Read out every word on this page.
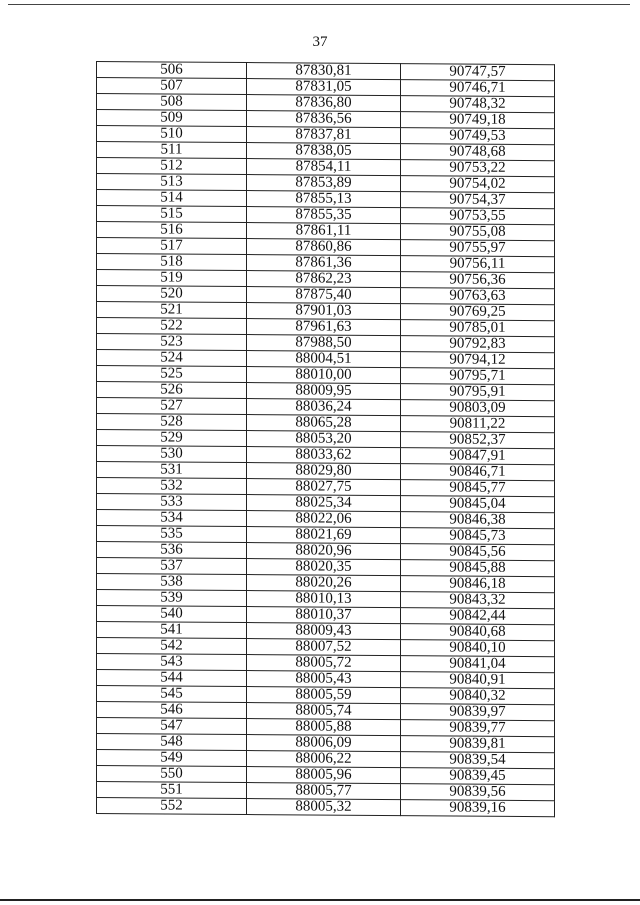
37
506	87830,81	90747,57
507	87831,05	90746,71
508	87836,80	90748,32
509	87836,56	90749,18
510	87837,81	90749,53
511	87838,05	90748,68
512	87854,11	90753,22
513	87853,89	90754,02
514	87855,13	90754,37
515	87855,35	90753,55
516	87861,11	90755,08
517	87860,86	90755,97
518	87861,36	90756,11
519	87862,23	90756,36
520	87875,40	90763,63
521	87901,03	90769,25
522	87961,63	90785,01
523	87988,50	90792,83
524	88004,51	90794,12
525	88010,00	90795,71
526	88009,95	90795,91
527	88036,24	90803,09
528	88065,28	90811,22
529	88053,20	90852,37
530	88033,62	90847,91
531	88029,80	90846,71
532	88027,75	90845,77
533	88025,34	90845,04
534	88022,06	90846,38
535	88021,69	90845,73
536	88020,96	90845,56
537	88020,35	90845,88
538	88020,26	90846,18
539	88010,13	90843,32
540	88010,37	90842,44
541	88009,43	90840,68
542	88007,52	90840,10
543	88005,72	90841,04
544	88005,43	90840,91
545	88005,59	90840,32
546	88005,74	90839,97
547	88005,88	90839,77
548	88006,09	90839,81
549	88006,22	90839,54
550	88005,96	90839,45
551	88005,77	90839,56
552	88005,32	90839,16
